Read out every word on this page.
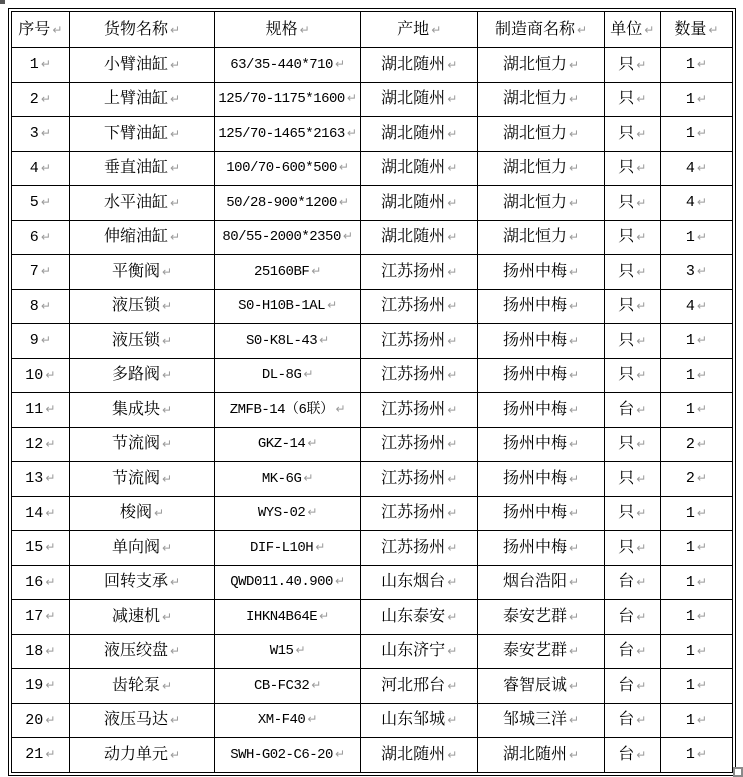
序号 ↵	货物名称 ↵	规格 ↵	产地 ↵	制造商名称 ↵	单位 ↵	数量 ↵
1 ↵	小臂油缸 ↵	63/35-440*710 ↵	湖北随州 ↵	湖北恒力 ↵	只 ↵	1 ↵
2 ↵	上臂油缸 ↵	125/70-1175*1600 ↵	湖北随州 ↵	湖北恒力 ↵	只 ↵	1 ↵
3 ↵	下臂油缸 ↵	125/70-1465*2163 ↵	湖北随州 ↵	湖北恒力 ↵	只 ↵	1 ↵
4 ↵	垂直油缸 ↵	100/70-600*500 ↵	湖北随州 ↵	湖北恒力 ↵	只 ↵	4 ↵
5 ↵	水平油缸 ↵	50/28-900*1200 ↵	湖北随州 ↵	湖北恒力 ↵	只 ↵	4 ↵
6 ↵	伸缩油缸 ↵	80/55-2000*2350 ↵	湖北随州 ↵	湖北恒力 ↵	只 ↵	1 ↵
7 ↵	平衡阀 ↵	25160BF ↵	江苏扬州 ↵	扬州中梅 ↵	只 ↵	3 ↵
8 ↵	液压锁 ↵	S0-H10B-1AL ↵	江苏扬州 ↵	扬州中梅 ↵	只 ↵	4 ↵
9 ↵	液压锁 ↵	S0-K8L-43 ↵	江苏扬州 ↵	扬州中梅 ↵	只 ↵	1 ↵
10 ↵	多路阀 ↵	DL-8G ↵	江苏扬州 ↵	扬州中梅 ↵	只 ↵	1 ↵
11 ↵	集成块 ↵	ZMFB-14（6联） ↵	江苏扬州 ↵	扬州中梅 ↵	台 ↵	1 ↵
12 ↵	节流阀 ↵	GKZ-14 ↵	江苏扬州 ↵	扬州中梅 ↵	只 ↵	2 ↵
13 ↵	节流阀 ↵	MK-6G ↵	江苏扬州 ↵	扬州中梅 ↵	只 ↵	2 ↵
14 ↵	梭阀 ↵	WYS-02 ↵	江苏扬州 ↵	扬州中梅 ↵	只 ↵	1 ↵
15 ↵	单向阀 ↵	DIF-L10H ↵	江苏扬州 ↵	扬州中梅 ↵	只 ↵	1 ↵
16 ↵	回转支承 ↵	QWD011.40.900 ↵	山东烟台 ↵	烟台浩阳 ↵	台 ↵	1 ↵
17 ↵	减速机 ↵	IHKN4B64E ↵	山东泰安 ↵	泰安艺群 ↵	台 ↵	1 ↵
18 ↵	液压绞盘 ↵	W15 ↵	山东济宁 ↵	泰安艺群 ↵	台 ↵	1 ↵
19 ↵	齿轮泵 ↵	CB-FC32 ↵	河北邢台 ↵	睿智辰诚 ↵	台 ↵	1 ↵
20 ↵	液压马达 ↵	XM-F40 ↵	山东邹城 ↵	邹城三洋 ↵	台 ↵	1 ↵
21 ↵	动力单元 ↵	SWH-G02-C6-20 ↵	湖北随州 ↵	湖北随州 ↵	台 ↵	1 ↵
